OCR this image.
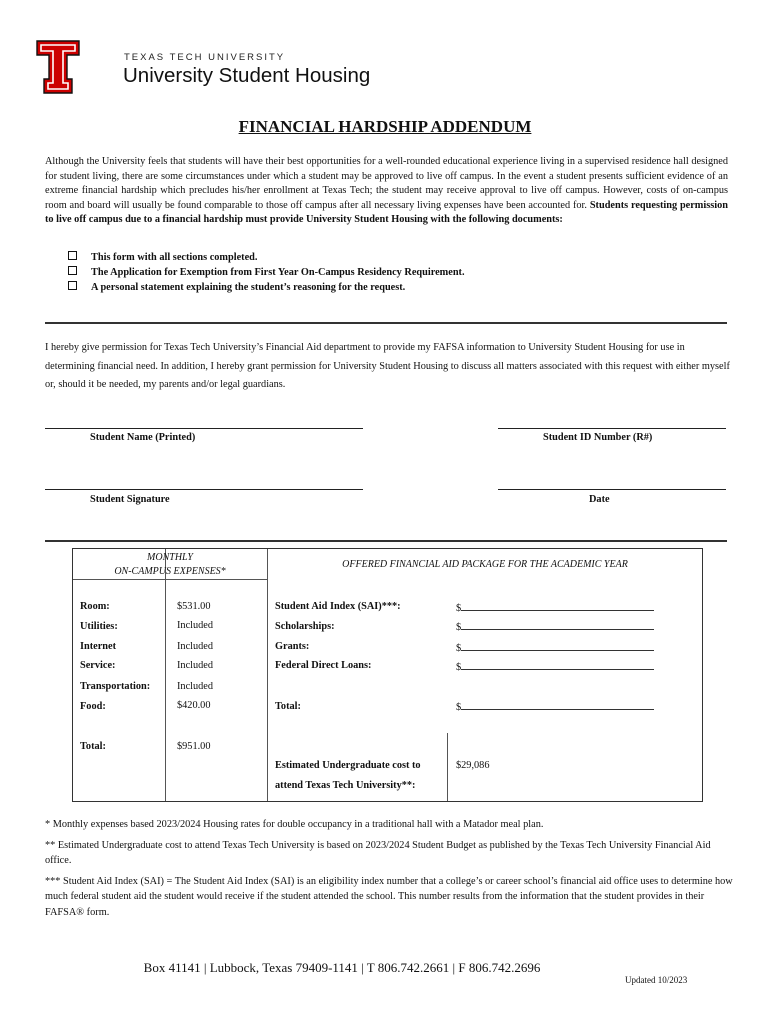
TEXAS TECH UNIVERSITY
University Student Housing
FINANCIAL HARDSHIP ADDENDUM
Although the University feels that students will have their best opportunities for a well-rounded educational experience living in a supervised residence hall designed for student living, there are some circumstances under which a student may be approved to live off campus. In the event a student presents sufficient evidence of an extreme financial hardship which precludes his/her enrollment at Texas Tech; the student may receive approval to live off campus. However, costs of on-campus room and board will usually be found comparable to those off campus after all necessary living expenses have been accounted for. Students requesting permission to live off campus due to a financial hardship must provide University Student Housing with the following documents:
This form with all sections completed.
The Application for Exemption from First Year On-Campus Residency Requirement.
A personal statement explaining the student’s reasoning for the request.
I hereby give permission for Texas Tech University’s Financial Aid department to provide my FAFSA information to University Student Housing for use in determining financial need. In addition, I hereby grant permission for University Student Housing to discuss all matters associated with this request with either myself or, should it be needed, my parents and/or legal guardians.
Student Name (Printed)	Student ID Number (R#)
Student Signature	Date
MONTHLY
ON-CAMPUS EXPENSES*
OFFERED FINANCIAL AID PACKAGE FOR THE ACADEMIC YEAR
Room:	$531.00
Utilities:	Included
Internet	Included
Service:	Included
Transportation:	Included
Food:	$420.00
Total:	$951.00
Student Aid Index (SAI)***:	$
Scholarships:	$
Grants:	$
Federal Direct Loans:	$
Total:	$
Estimated Undergraduate cost to
attend Texas Tech University**:
$29,086
* Monthly expenses based 2023/2024 Housing rates for double occupancy in a traditional hall with a Matador meal plan.
** Estimated Undergraduate cost to attend Texas Tech University is based on 2023/2024 Student Budget as published by the Texas Tech University Financial Aid office.
*** Student Aid Index (SAI) = The Student Aid Index (SAI) is an eligibility index number that a college’s or career school’s financial aid office uses to determine how much federal student aid the student would receive if the student attended the school. This number results from the information that the student provides in their FAFSA® form.
Box 41141 | Lubbock, Texas 79409-1141 | T 806.742.2661 | F 806.742.2696
Updated 10/2023
